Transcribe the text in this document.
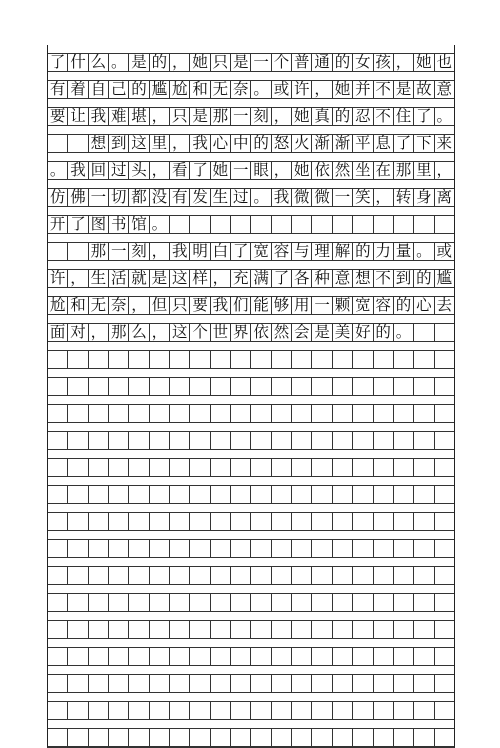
了 什 么 。 是 的 ， 她 只 是 一 个 普 通 的 女 孩 ， 她 也
有 着 自 己 的 尴 尬 和 无 奈 。 或 许 ， 她 并 不 是 故 意
要 让 我 难 堪 ， 只 是 那 一 刻 ， 她 真 的 忍 不 住 了 。
想 到 这 里 ， 我 心 中 的 怒 火 渐 渐 平 息 了 下 来
。 我 回 过 头 ， 看 了 她 一 眼 ， 她 依 然 坐 在 那 里 ，
仿 佛 一 切 都 没 有 发 生 过 。 我 微 微 一 笑 ， 转 身 离
开 了 图 书 馆 。
那 一 刻 ， 我 明 白 了 宽 容 与 理 解 的 力 量 。 或
许 ， 生 活 就 是 这 样 ， 充 满 了 各 种 意 想 不 到 的 尴
尬 和 无 奈 ， 但 只 要 我 们 能 够 用 一 颗 宽 容 的 心 去
面 对 ， 那 么 ， 这 个 世 界 依 然 会 是 美 好 的 。
